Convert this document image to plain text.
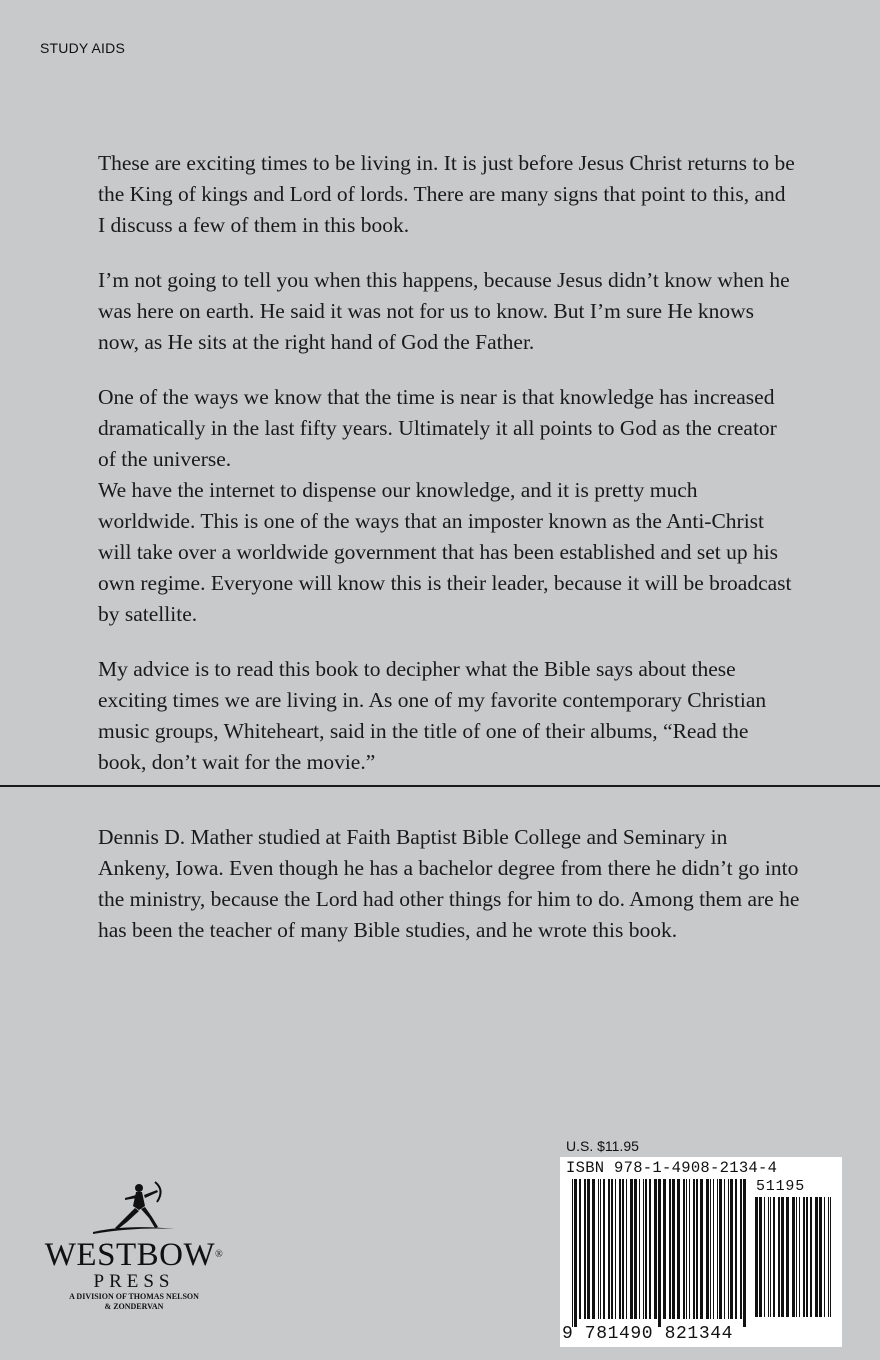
STUDY AIDS

These are exciting times to be living in. It is just before Jesus Christ returns to be the King of kings and Lord of lords. There are many signs that point to this, and I discuss a few of them in this book.

I’m not going to tell you when this happens, because Jesus didn’t know when he was here on earth. He said it was not for us to know. But I’m sure He knows now, as He sits at the right hand of God the Father.

One of the ways we know that the time is near is that knowledge has increased dramatically in the last fifty years. Ultimately it all points to God as the creator of the universe.

We have the internet to dispense our knowledge, and it is pretty much worldwide. This is one of the ways that an imposter known as the Anti-Christ will take over a worldwide government that has been established and set up his own regime. Everyone will know this is their leader, because it will be broadcast by satellite.

My advice is to read this book to decipher what the Bible says about these exciting times we are living in. As one of my favorite contemporary Christian music groups, Whiteheart, said in the title of one of their albums, “Read the book, don’t wait for the movie.”

Dennis D. Mather studied at Faith Baptist Bible College and Seminary in Ankeny, Iowa. Even though he has a bachelor degree from there he didn’t go into the ministry, because the Lord had other things for him to do. Among them are he has been the teacher of many Bible studies, and he wrote this book.

WESTBOW®
PRESS
A DIVISION OF THOMAS NELSON
& ZONDERVAN
U.S. $11.95
ISBN 978-1-4908-2134-4
51195
9 781490 821344
